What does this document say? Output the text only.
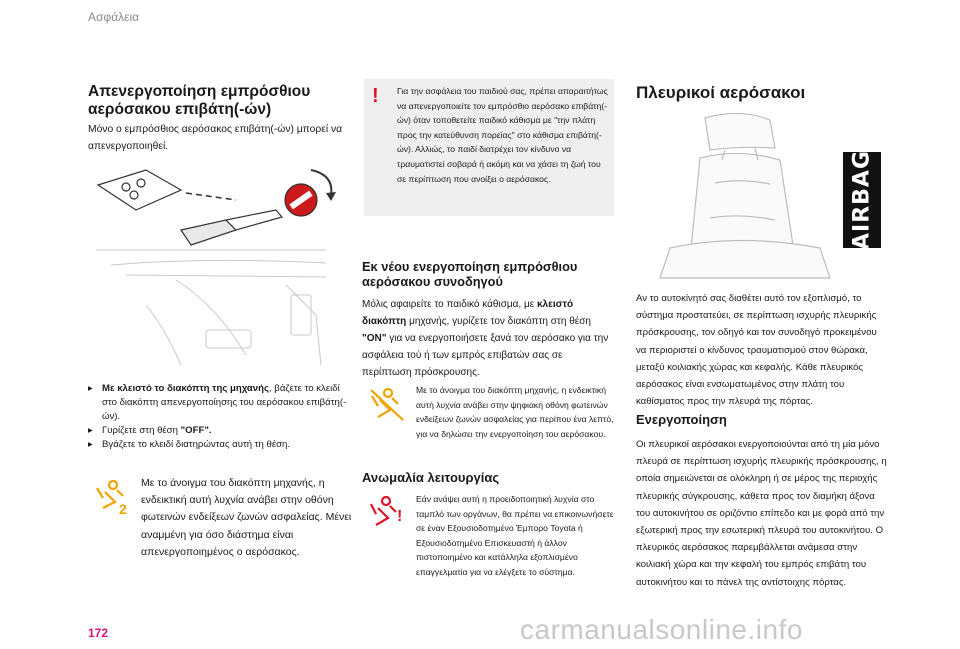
Ασφάλεια
172
Απενεργοποίηση εμπρόσθιου αερόσακου επιβάτη(-ών)
Μόνο ο εμπρόσθιος αερόσακος επιβάτη(-ών) μπορεί να απενεργοποιηθεί.
▸ Με κλειστό το διακόπτη της μηχανής, βάζετε το κλειδί στο διακόπτη απενεργοποίησης του αερόσακου επιβάτη(-ών).
▸ Γυρίζετε στη θέση "OFF".
▸ Βγάζετε το κλειδί διατηρώντας αυτή τη θέση.
2
Με το άνοιγμα του διακόπτη μηχανής, η ενδεικτική αυτή λυχνία ανάβει στην οθόνη φωτεινών ενδείξεων ζωνών ασφαλείας. Μένει αναμμένη για όσο διάστημα είναι απενεργοποιημένος ο αερόσακος.
! Για την ασφάλεια του παιδιού σας, πρέπει απαραιτήτως να απενεργοποιείτε τον εμπρόσθιο αερόσακο επιβάτη(-ών) όταν τοποθετείτε παιδικό κάθισμα με "την πλάτη προς την κατεύθυνση πορείας" στο κάθισμα επιβάτη(-ών). Αλλιώς, το παιδί διατρέχει τον κίνδυνο να τραυματιστεί σοβαρά ή ακόμη και να χάσει τη ζωή του σε περίπτωση που ανοίξει ο αερόσακος.
Εκ νέου ενεργοποίηση εμπρόσθιου αερόσακου συνοδηγού
Μόλις αφαιρείτε το παιδικό κάθισμα, με κλειστό διακόπτη μηχανής, γυρίζετε τον διακόπτη στη θέση "ON" για να ενεργοποιήσετε ξανά τον αερόσακο για την ασφάλεια τού ή των εμπρός επιβατών σας σε περίπτωση πρόσκρουσης.
Με το άνοιγμα του διακόπτη μηχανής, η ενδεικτική αυτή λυχνία ανάβει στην ψηφιακή οθόνη φωτεινών ενδείξεων ζωνών ασφαλείας για περίπου ένα λεπτό, για να δηλώσει την ενεργοποίηση του αερόσακου.
Ανωμαλία λειτουργίας
!
Εάν ανάψει αυτή η προειδοποιητική λυχνία στο ταμπλό των οργάνων, θα πρέπει να επικοινωνήσετε σε έναν Εξουσιοδοτημένο Έμπορο Toyota ή Εξουσιοδοτημένο Επισκευαστή ή άλλον πιστοποιημένο και κατάλληλα εξοπλισμένο επαγγελματία για να ελέγξετε το σύστημα.
Πλευρικοί αερόσακοι
AIRBAG
Αν το αυτοκίνητό σας διαθέτει αυτό τον εξοπλισμό, το σύστημα προστατεύει, σε περίπτωση ισχυρής πλευρικής πρόσκρουσης, τον οδηγό και τον συνοδηγό προκειμένου να περιοριστεί ο κίνδυνος τραυματισμού στον θώρακα, μεταξύ κοιλιακής χώρας και κεφαλής. Κάθε πλευρικός αερόσακος είναι ενσωματωμένος στην πλάτη του καθίσματος προς την πλευρά της πόρτας.
Ενεργοποίηση
Οι πλευρικοί αερόσακοι ενεργοποιούνται από τη μία μόνο πλευρά σε περίπτωση ισχυρής πλευρικής πρόσκρουσης, η οποία σημειώνεται σε ολόκληρη ή σε μέρος της περιοχής πλευρικής σύγκρουσης, κάθετα προς τον διαμήκη άξονα του αυτοκινήτου σε οριζόντιο επίπεδο και με φορά από την εξωτερική προς την εσωτερική πλευρά του αυτοκινήτου. Ο πλευρικός αερόσακος παρεμβάλλεται ανάμεσα στην κοιλιακή χώρα και την κεφαλή του εμπρός επιβάτη του αυτοκινήτου και το πάνελ της αντίστοιχης πόρτας.
carmanualsonline.info
